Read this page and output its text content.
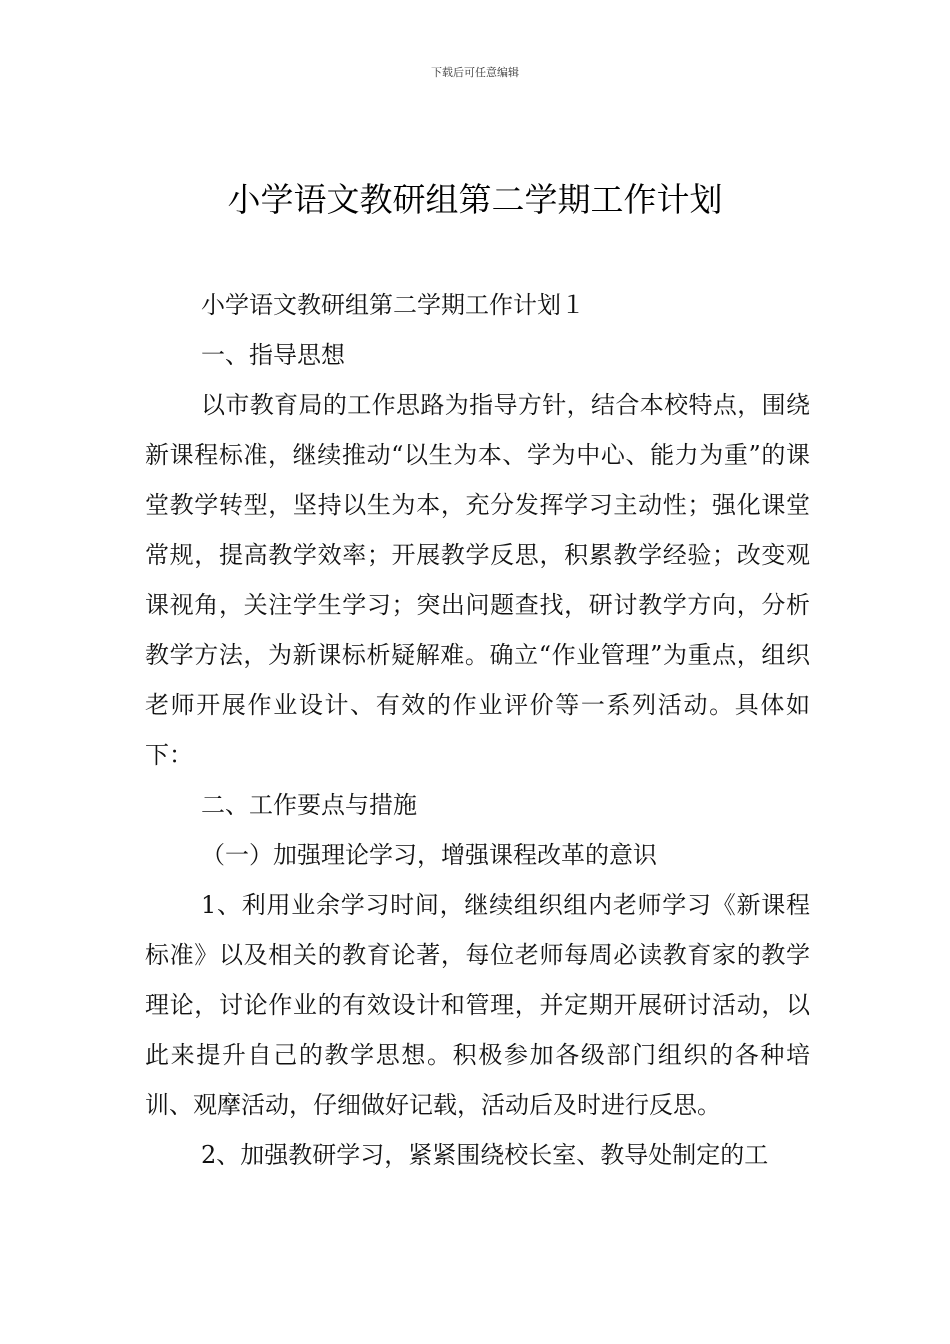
下载后可任意编辑
小学语文教研组第二学期工作计划

小学语文教研组第二学期工作计划１

一、指导思想

以市教育局的工作思路为指导方针，结合本校特点，围绕新课程标准，继续推动“以生为本、学为中心、能力为重”的课堂教学转型，坚持以生为本，充分发挥学习主动性；强化课堂常规，提高教学效率；开展教学反思，积累教学经验；改变观课视角，关注学生学习；突出问题查找，研讨教学方向，分析教学方法，为新课标析疑解难。确立“作业管理”为重点，组织老师开展作业设计、有效的作业评价等一系列活动。具体如下：

二、工作要点与措施

（一）加强理论学习，增强课程改革的意识

1、利用业余学习时间，继续组织组内老师学习《新课程标准》以及相关的教育论著，每位老师每周必读教育家的教学理论，讨论作业的有效设计和管理，并定期开展研讨活动，以此来提升自己的教学思想。积极参加各级部门组织的各种培训、观摩活动，仔细做好记载，活动后及时进行反思。

2、加强教研学习，紧紧围绕校长室、教导处制定的工
